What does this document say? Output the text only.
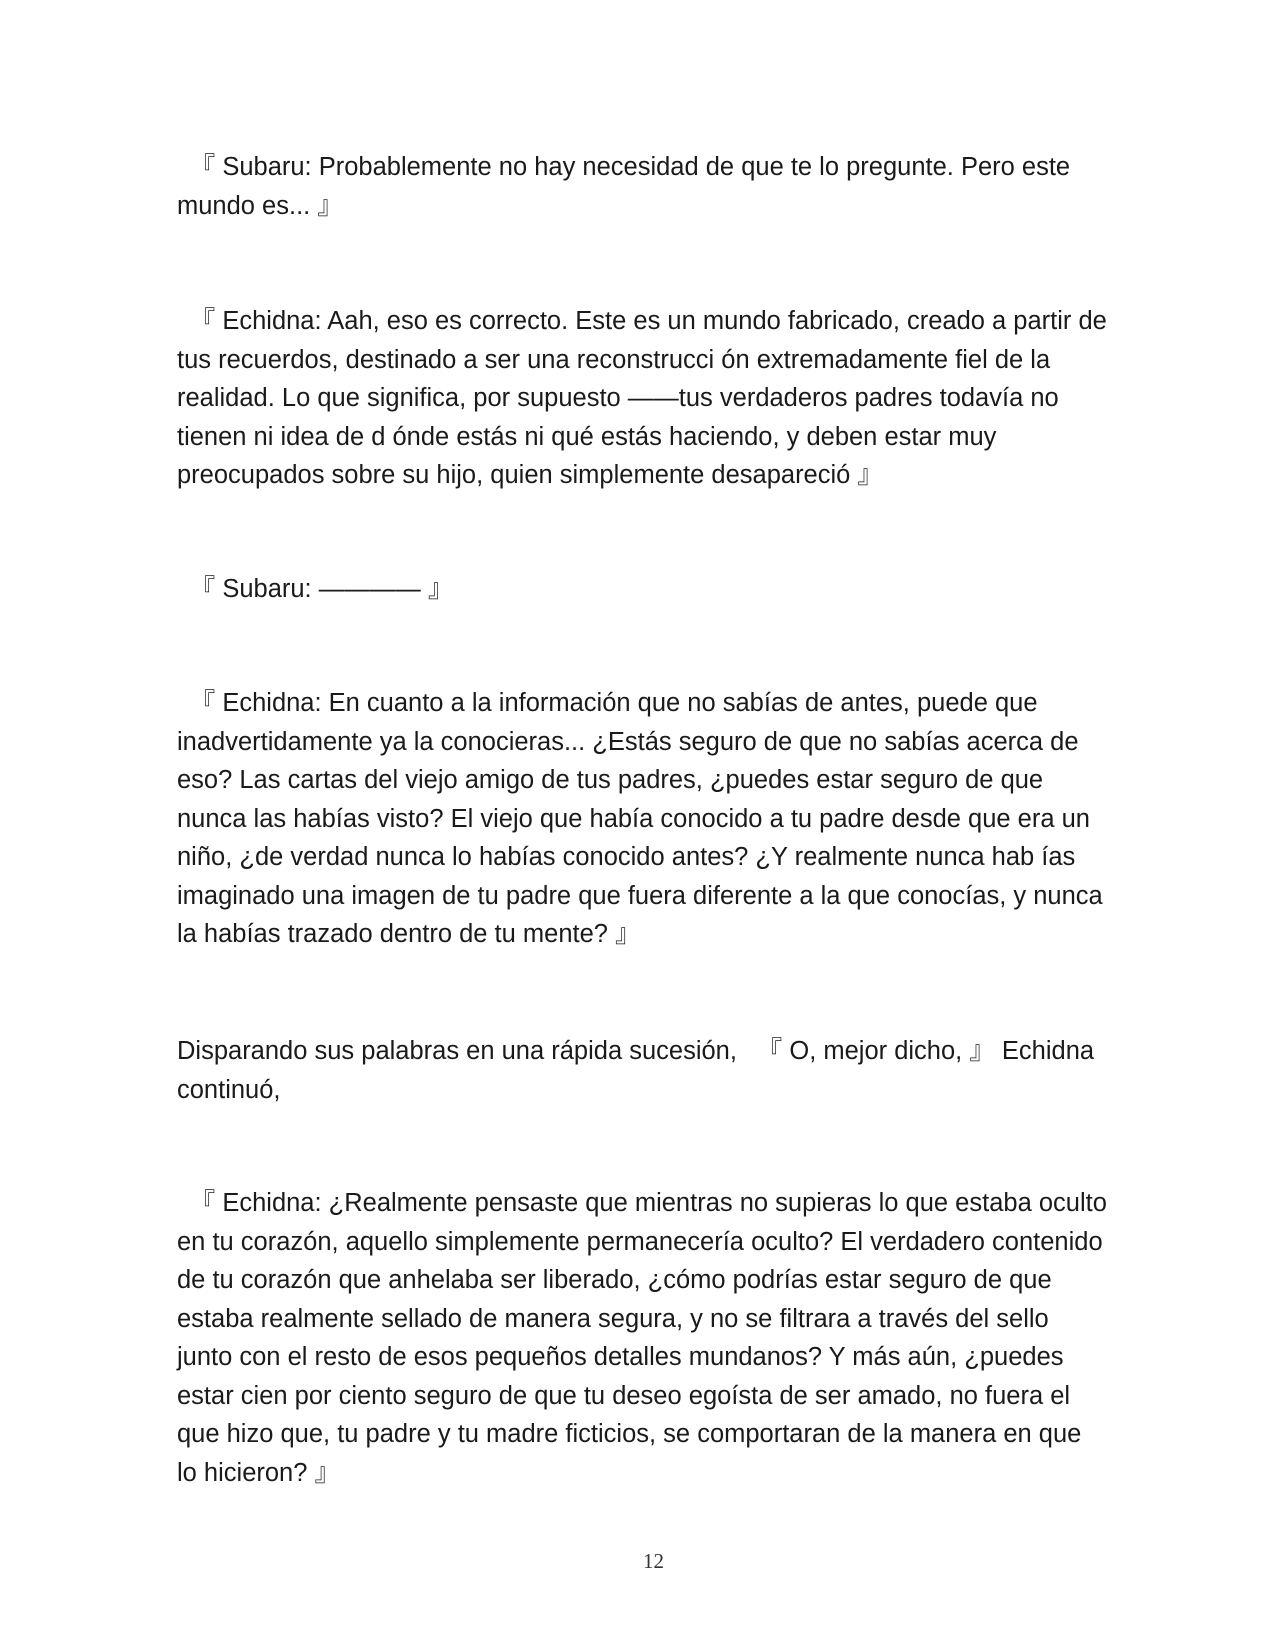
　『 Subaru: Probablemente no hay necesidad de que te lo pregunte. Pero este mundo es... 』

　『 Echidna: Aah, eso es correcto. Este es un mundo fabricado, creado a partir de tus recuerdos, destinado a ser una reconstrucci ón extremadamente fiel de la realidad. Lo que significa, por supuesto ——tus verdaderos padres todavía no tienen ni idea de d ónde estás ni qué estás haciendo, y deben estar muy preocupados sobre su hijo, quien simplemente desapareció 』

　『 Subaru: ———— 』

　『 Echidna: En cuanto a la información que no sabías de antes, puede que inadvertidamente ya la conocieras... ¿Estás seguro de que no sabías acerca de eso? Las cartas del viejo amigo de tus padres, ¿puedes estar seguro de que nunca las habías visto? El viejo que había conocido a tu padre desde que era un niño, ¿de verdad nunca lo habías conocido antes? ¿Y realmente nunca hab ías imaginado una imagen de tu padre que fuera diferente a la que conocías, y nunca la habías trazado dentro de tu mente? 』

Disparando sus palabras en una rápida sucesión, 　『 O, mejor dicho, 』 Echidna continuó,

　『 Echidna: ¿Realmente pensaste que mientras no supieras lo que estaba oculto en tu corazón, aquello simplemente permanecería oculto? El verdadero contenido de tu corazón que anhelaba ser liberado, ¿cómo podrías estar seguro de que estaba realmente sellado de manera segura, y no se filtrara a través del sello junto con el resto de esos pequeños detalles mundanos? Y más aún, ¿puedes estar cien por ciento seguro de que tu deseo egoísta de ser amado, no fuera el que hizo que, tu padre y tu madre ficticios, se comportaran de la manera en que lo hicieron? 』

12
